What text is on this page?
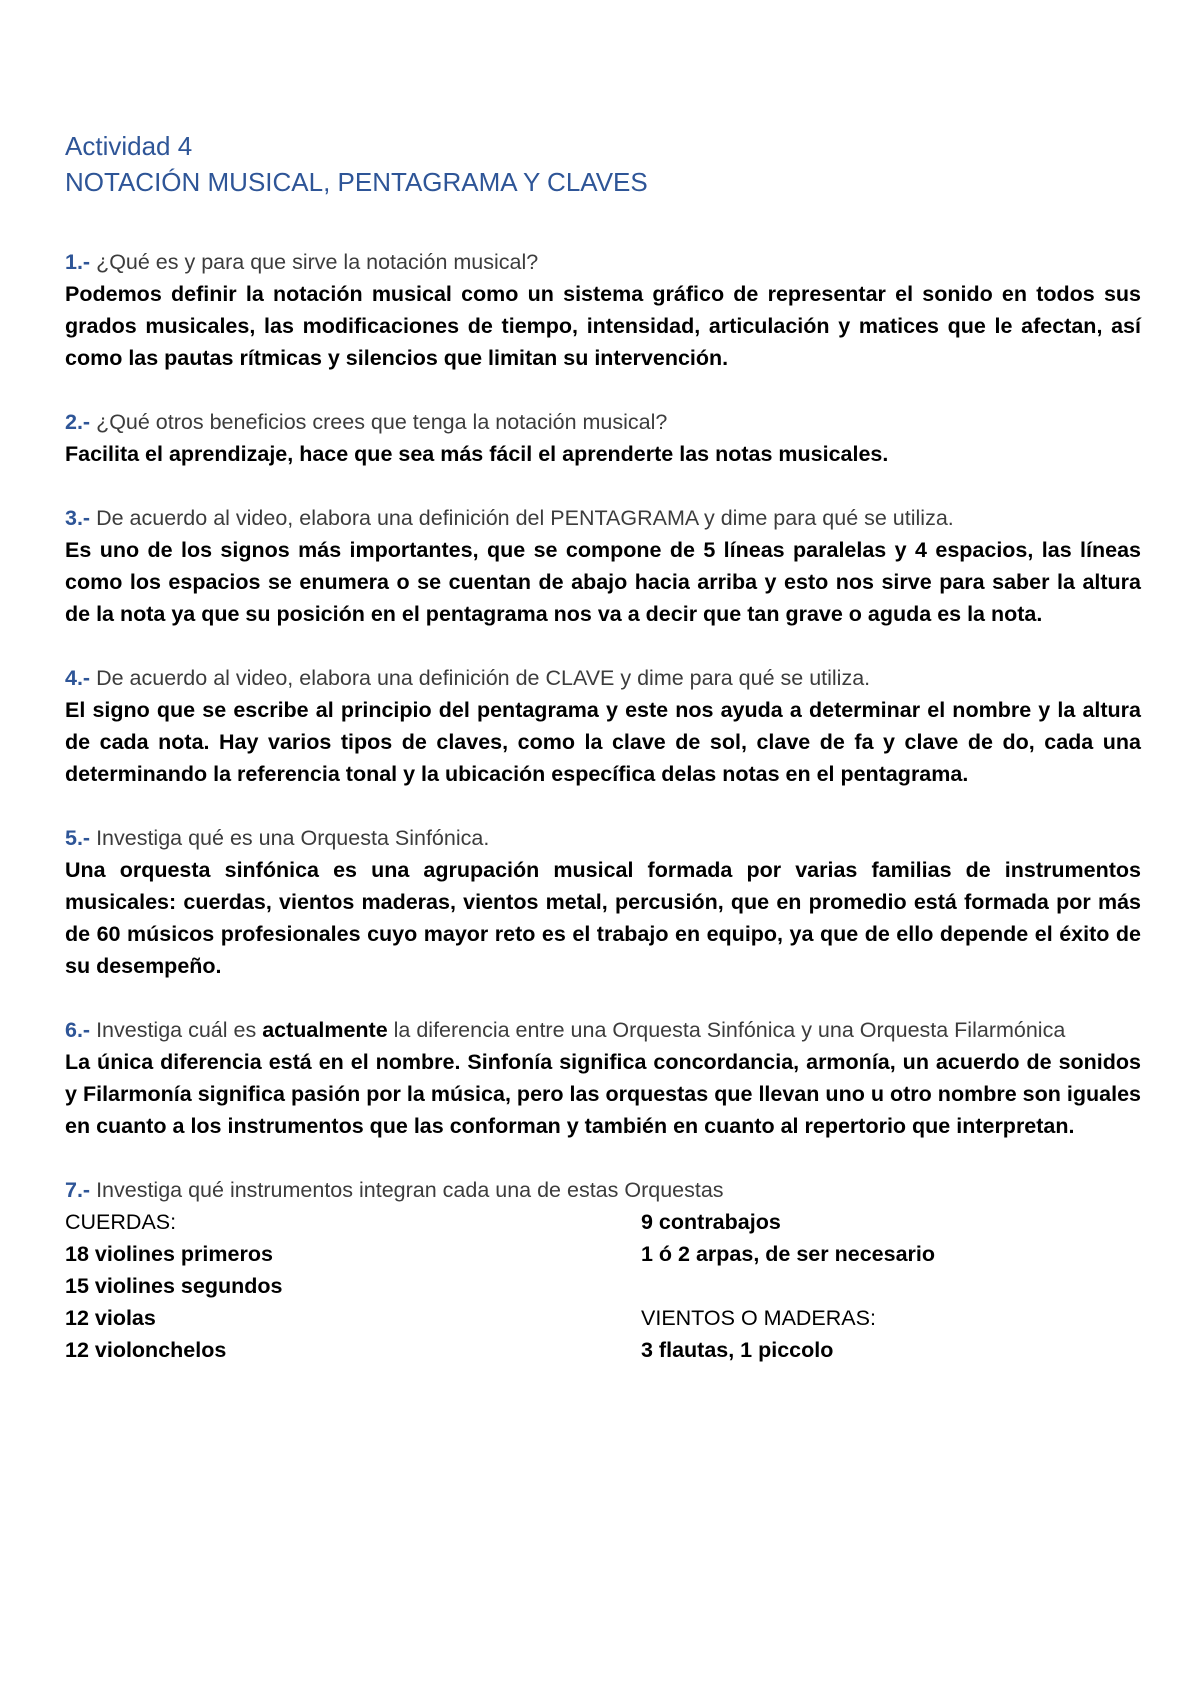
Actividad 4
NOTACIÓN MUSICAL, PENTAGRAMA Y CLAVES

1.- ¿Qué es y para que sirve la notación musical?

Podemos definir la notación musical como un sistema gráfico de representar el sonido en todos sus grados musicales, las modificaciones de tiempo, intensidad, articulación y matices que le afectan, así como las pautas rítmicas y silencios que limitan su intervención.

2.- ¿Qué otros beneficios crees que tenga la notación musical?

Facilita el aprendizaje, hace que sea más fácil el aprenderte las notas musicales.

3.- De acuerdo al video, elabora una definición del PENTAGRAMA y dime para qué se utiliza.

Es uno de los signos más importantes, que se compone de 5 líneas paralelas y 4 espacios, las líneas como los espacios se enumera o se cuentan de abajo hacia arriba y esto nos sirve para saber la altura de la nota ya que su posición en el pentagrama nos va a decir que tan grave o aguda es la nota.

4.- De acuerdo al video, elabora una definición de CLAVE y dime para qué se utiliza.

El signo que se escribe al principio del pentagrama y este nos ayuda a determinar el nombre y la altura de cada nota. Hay varios tipos de claves, como la clave de sol, clave de fa y clave de do, cada una determinando la referencia tonal y la ubicación específica delas notas en el pentagrama.

5.- Investiga qué es una Orquesta Sinfónica.

Una orquesta sinfónica es una agrupación musical formada por varias familias de instrumentos musicales: cuerdas, vientos maderas, vientos metal, percusión, que en promedio está formada por más de 60 músicos profesionales cuyo mayor reto es el trabajo en equipo, ya que de ello depende el éxito de su desempeño.

6.- Investiga cuál es actualmente la diferencia entre una Orquesta Sinfónica y una Orquesta Filarmónica

La única diferencia está en el nombre. Sinfonía significa concordancia, armonía, un acuerdo de sonidos y Filarmonía significa pasión por la música, pero las orquestas que llevan uno u otro nombre son iguales en cuanto a los instrumentos que las conforman y también en cuanto al repertorio que interpretan.

7.- Investiga qué instrumentos integran cada una de estas Orquestas

CUERDAS:

18 violines primeros

15 violines segundos

12 violas

12 violonchelos

9 contrabajos

1 ó 2 arpas, de ser necesario

VIENTOS O MADERAS:

3 flautas, 1 piccolo
